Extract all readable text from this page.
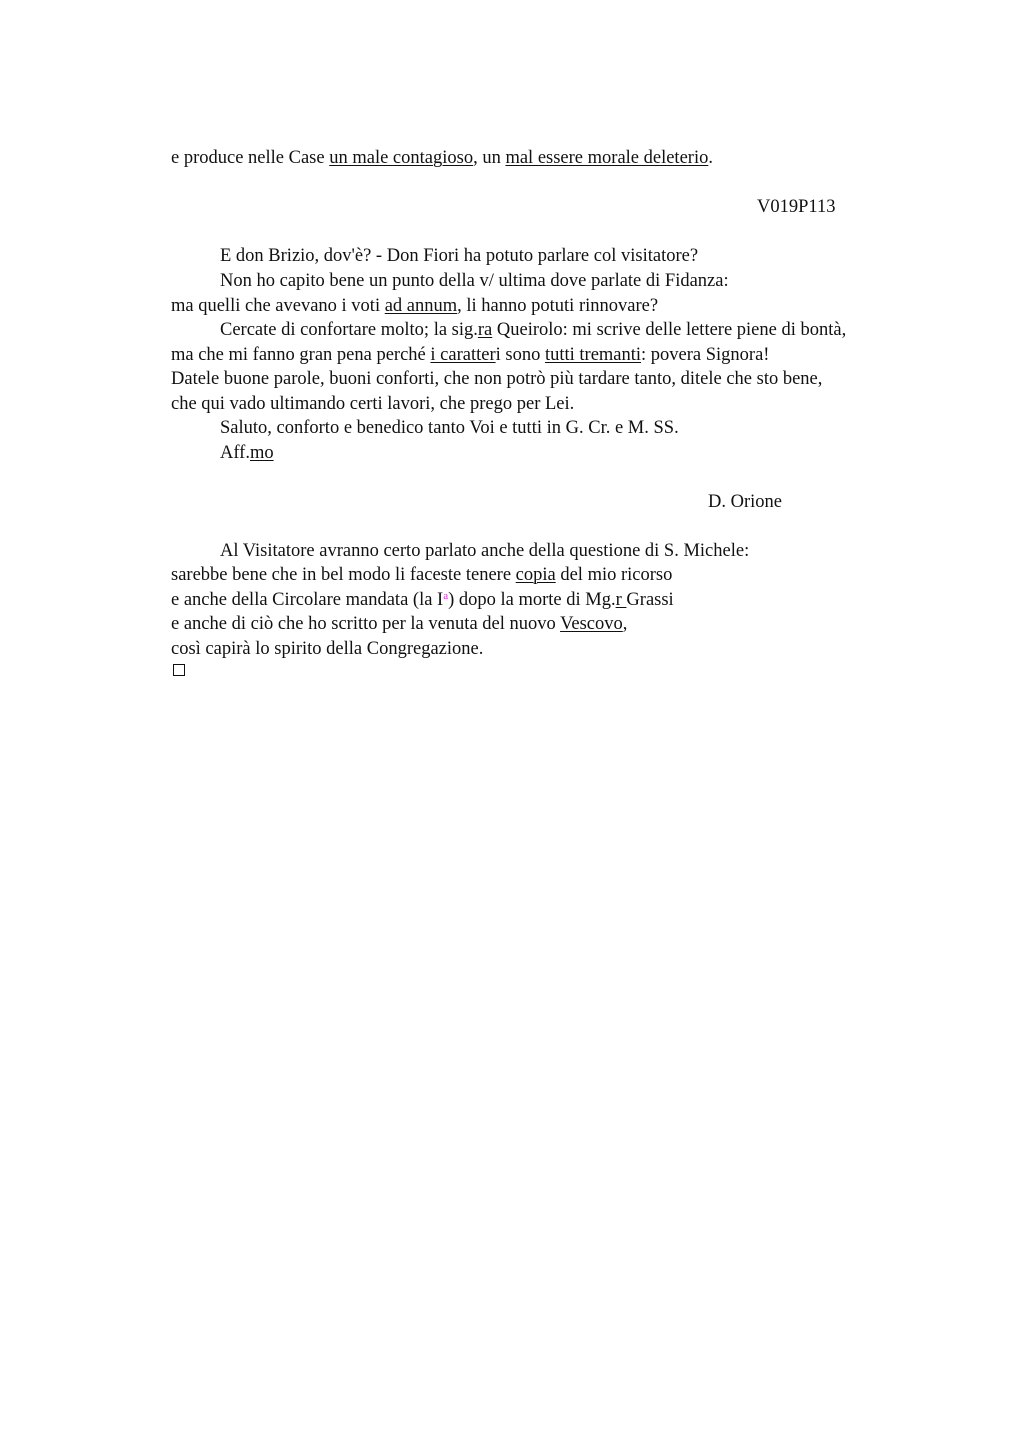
e produce nelle Case un male contagioso, un mal essere morale deleterio.
V019P113
E don Brizio, dov'è? - Don Fiori ha potuto parlare col visitatore?
Non ho capito bene un punto della v/ ultima dove parlate di Fidanza:
ma quelli che avevano i voti ad annum, li hanno potuti rinnovare?
Cercate di confortare molto; la sig.ra Queirolo: mi scrive delle lettere piene di bontà,
ma che mi fanno gran pena perché i caratteri sono tutti tremanti: povera Signora!
Datele buone parole, buoni conforti, che non potrò più tardare tanto, ditele che sto bene,
che qui vado ultimando certi lavori, che prego per Lei.
Saluto, conforto e benedico tanto Voi e tutti in G. Cr. e M. SS.
Aff.mo
D. Orione
Al Visitatore avranno certo parlato anche della questione di S. Michele:
sarebbe bene che in bel modo li faceste tenere copia del mio ricorso
e anche della Circolare mandata (la $I^a$) dopo la morte di Mg.r Grassi
e anche di ciò che ho scritto per la venuta del nuovo Vescovo,
così capirà lo spirito della Congregazione.
